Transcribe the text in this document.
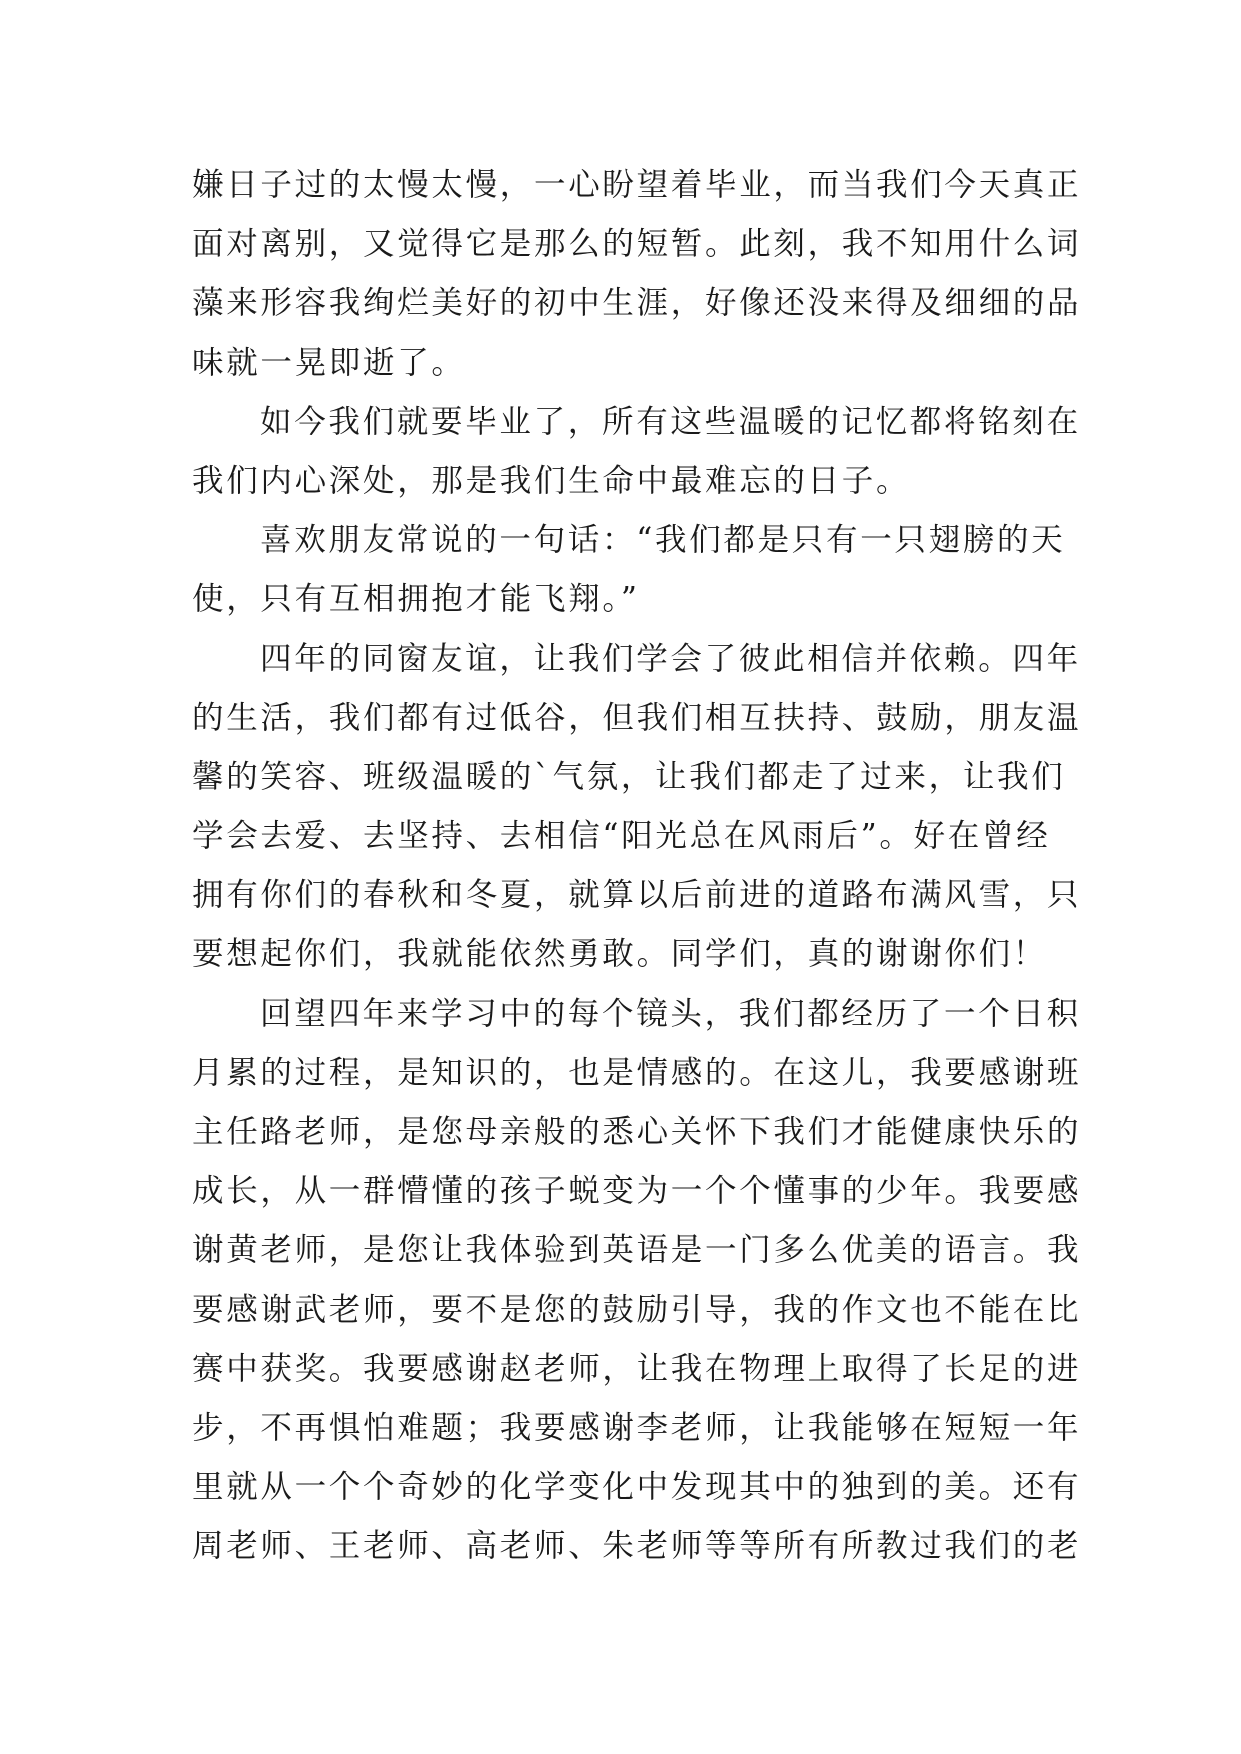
嫌日子过的太慢太慢，一心盼望着毕业，而当我们今天真正
面对离别，又觉得它是那么的短暂。此刻，我不知用什么词
藻来形容我绚烂美好的初中生涯，好像还没来得及细细的品
味就一晃即逝了。
如今我们就要毕业了，所有这些温暖的记忆都将铭刻在
我们内心深处，那是我们生命中最难忘的日子。
喜欢朋友常说的一句话：“我们都是只有一只翅膀的天
使，只有互相拥抱才能飞翔。”
四年的同窗友谊，让我们学会了彼此相信并依赖。四年
的生活，我们都有过低谷，但我们相互扶持、鼓励，朋友温
馨的笑容、班级温暖的`气氛，让我们都走了过来，让我们
学会去爱、去坚持、去相信“阳光总在风雨后”。好在曾经
拥有你们的春秋和冬夏，就算以后前进的道路布满风雪，只
要想起你们，我就能依然勇敢。同学们，真的谢谢你们！
回望四年来学习中的每个镜头，我们都经历了一个日积
月累的过程，是知识的，也是情感的。在这儿，我要感谢班
主任路老师，是您母亲般的悉心关怀下我们才能健康快乐的
成长，从一群懵懂的孩子蜕变为一个个懂事的少年。我要感
谢黄老师，是您让我体验到英语是一门多么优美的语言。我
要感谢武老师，要不是您的鼓励引导，我的作文也不能在比
赛中获奖。我要感谢赵老师，让我在物理上取得了长足的进
步，不再惧怕难题；我要感谢李老师，让我能够在短短一年
里就从一个个奇妙的化学变化中发现其中的独到的美。还有
周老师、王老师、高老师、朱老师等等所有所教过我们的老
